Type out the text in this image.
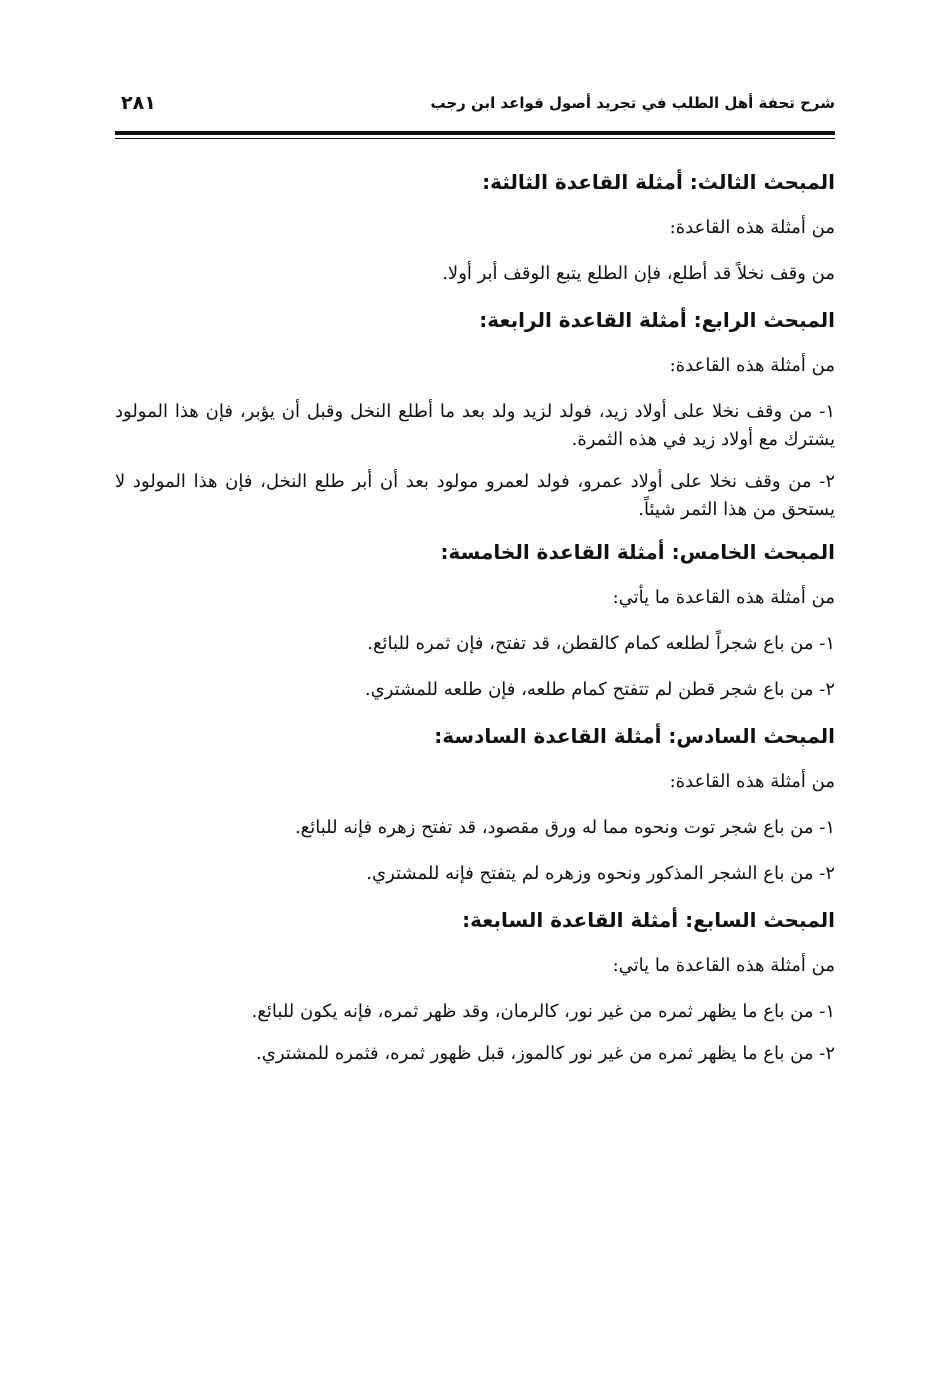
٢٨١	شرح تحفة أهل الطلب في تجريد أصول قواعد ابن رجب
المبحث الثالث: أمثلة القاعدة الثالثة:
من أمثلة هذه القاعدة:
من وقف نخلاً قد أطلع، فإن الطلع يتبع الوقف أبر أولا.
المبحث الرابع: أمثلة القاعدة الرابعة:
من أمثلة هذه القاعدة:
١- من وقف نخلا على أولاد زيد، فولد لزيد ولد بعد ما أطلع النخل وقبل أن يؤبر، فإن هذا المولود يشترك مع أولاد زيد في هذه الثمرة.
٢- من وقف نخلا على أولاد عمرو، فولد لعمرو مولود بعد أن أبر طلع النخل، فإن هذا المولود لا يستحق من هذا الثمر شيئاً.
المبحث الخامس: أمثلة القاعدة الخامسة:
من أمثلة هذه القاعدة ما يأتي:
١- من باع شجراً لطلعه كمام كالقطن، قد تفتح، فإن ثمره للبائع.
٢- من باع شجر قطن لم تتفتح كمام طلعه، فإن طلعه للمشتري.
المبحث السادس: أمثلة القاعدة السادسة:
من أمثلة هذه القاعدة:
١- من باع شجر توت ونحوه مما له ورق مقصود، قد تفتح زهره فإنه للبائع.
٢- من باع الشجر المذكور ونحوه وزهره لم يتفتح فإنه للمشتري.
المبحث السابع: أمثلة القاعدة السابعة:
من أمثلة هذه القاعدة ما ياتي:
١- من باع ما يظهر ثمره من غير نور، كالرمان، وقد ظهر ثمره، فإنه يكون للبائع.
٢- من باع ما يظهر ثمره من غير نور كالموز، قبل ظهور ثمره، فثمره للمشتري.
